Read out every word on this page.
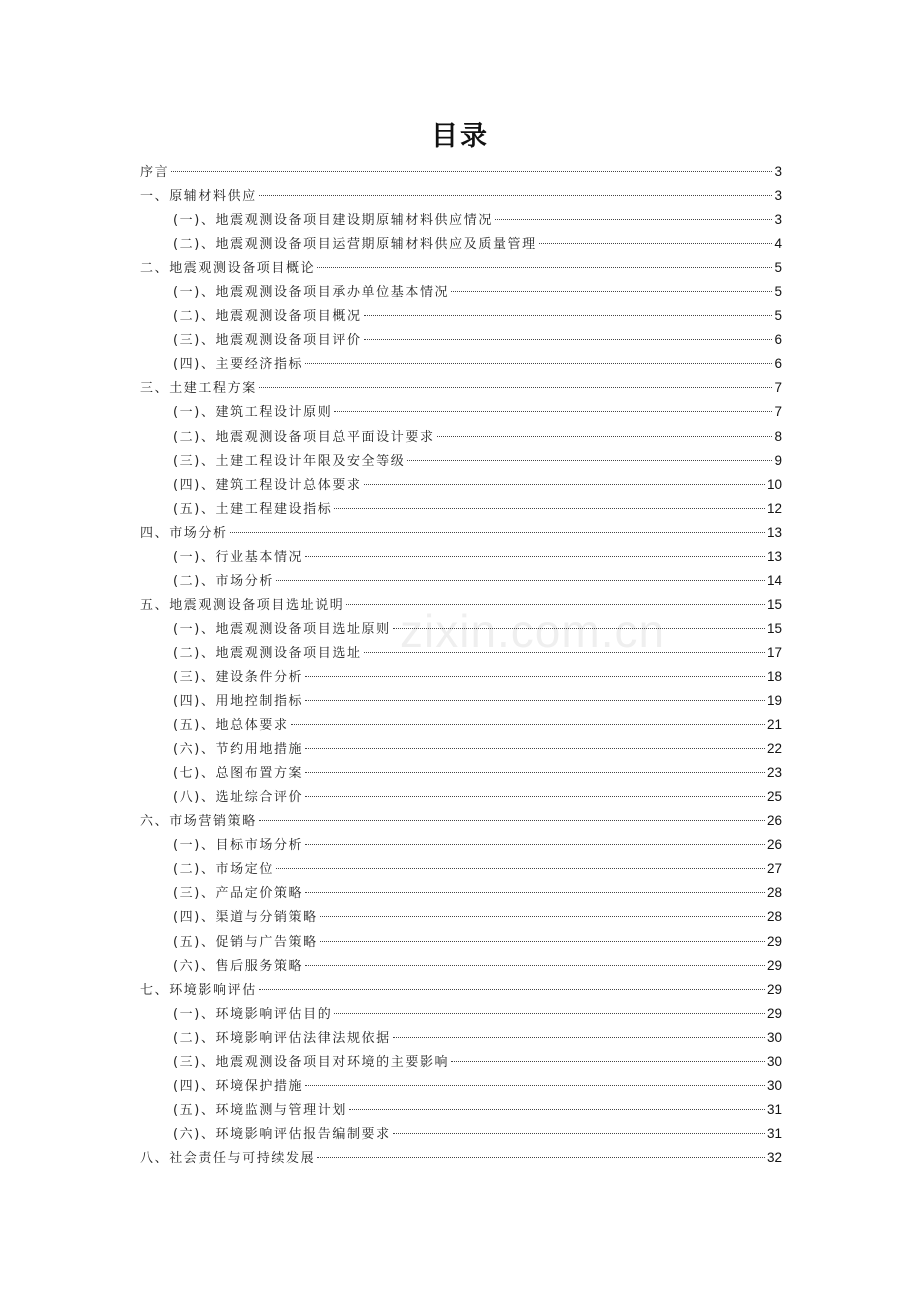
目录
序言	3
一、原辅材料供应	3
(一)、地震观测设备项目建设期原辅材料供应情况	3
(二)、地震观测设备项目运营期原辅材料供应及质量管理	4
二、地震观测设备项目概论	5
(一)、地震观测设备项目承办单位基本情况	5
(二)、地震观测设备项目概况	5
(三)、地震观测设备项目评价	6
(四)、主要经济指标	6
三、土建工程方案	7
(一)、建筑工程设计原则	7
(二)、地震观测设备项目总平面设计要求	8
(三)、土建工程设计年限及安全等级	9
(四)、建筑工程设计总体要求	10
(五)、土建工程建设指标	12
四、市场分析	13
(一)、行业基本情况	13
(二)、市场分析	14
五、地震观测设备项目选址说明	15
(一)、地震观测设备项目选址原则	15
(二)、地震观测设备项目选址	17
(三)、建设条件分析	18
(四)、用地控制指标	19
(五)、地总体要求	21
(六)、节约用地措施	22
(七)、总图布置方案	23
(八)、选址综合评价	25
六、市场营销策略	26
(一)、目标市场分析	26
(二)、市场定位	27
(三)、产品定价策略	28
(四)、渠道与分销策略	28
(五)、促销与广告策略	29
(六)、售后服务策略	29
七、环境影响评估	29
(一)、环境影响评估目的	29
(二)、环境影响评估法律法规依据	30
(三)、地震观测设备项目对环境的主要影响	30
(四)、环境保护措施	30
(五)、环境监测与管理计划	31
(六)、环境影响评估报告编制要求	31
八、社会责任与可持续发展	32
zixin.com.cn
